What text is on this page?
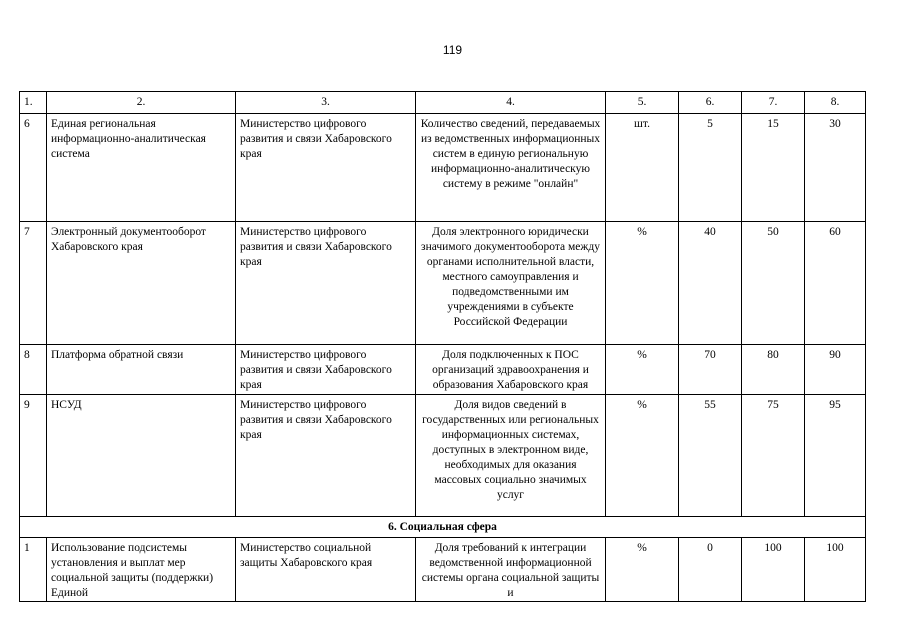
119
1.	2.	3.	4.	5.	6.	7.	8.
6	Единая региональная информационно-аналитическая система	Министерство цифрового развития и связи Хабаровского края	Количество сведений, передаваемых из ведомственных информационных систем в единую региональную информационно-аналитическую систему в режиме "онлайн"	шт.	5	15	30
7	Электронный документооборот Хабаровского края	Министерство цифрового развития и связи Хабаровского края	Доля электронного юридически значимого документооборота между органами исполнительной власти, местного самоуправления и подведомственными им учреждениями в субъекте Российской Федерации	%	40	50	60
8	Платформа обратной связи	Министерство цифрового развития и связи Хабаровского края	Доля подключенных к ПОС организаций здравоохранения и образования Хабаровского края	%	70	80	90
9	НСУД	Министерство цифрового развития и связи Хабаровского края	Доля видов сведений в государственных или региональных информационных системах, доступных в электронном виде, необходимых для оказания массовых социально значимых услуг	%	55	75	95
6. Социальная сфера							
1	Использование подсистемы установления и выплат мер социальной защиты (поддержки) Единой	Министерство социальной защиты Хабаровского края	Доля требований к интеграции ведомственной информационной системы органа социальной защиты и	%	0	100	100
